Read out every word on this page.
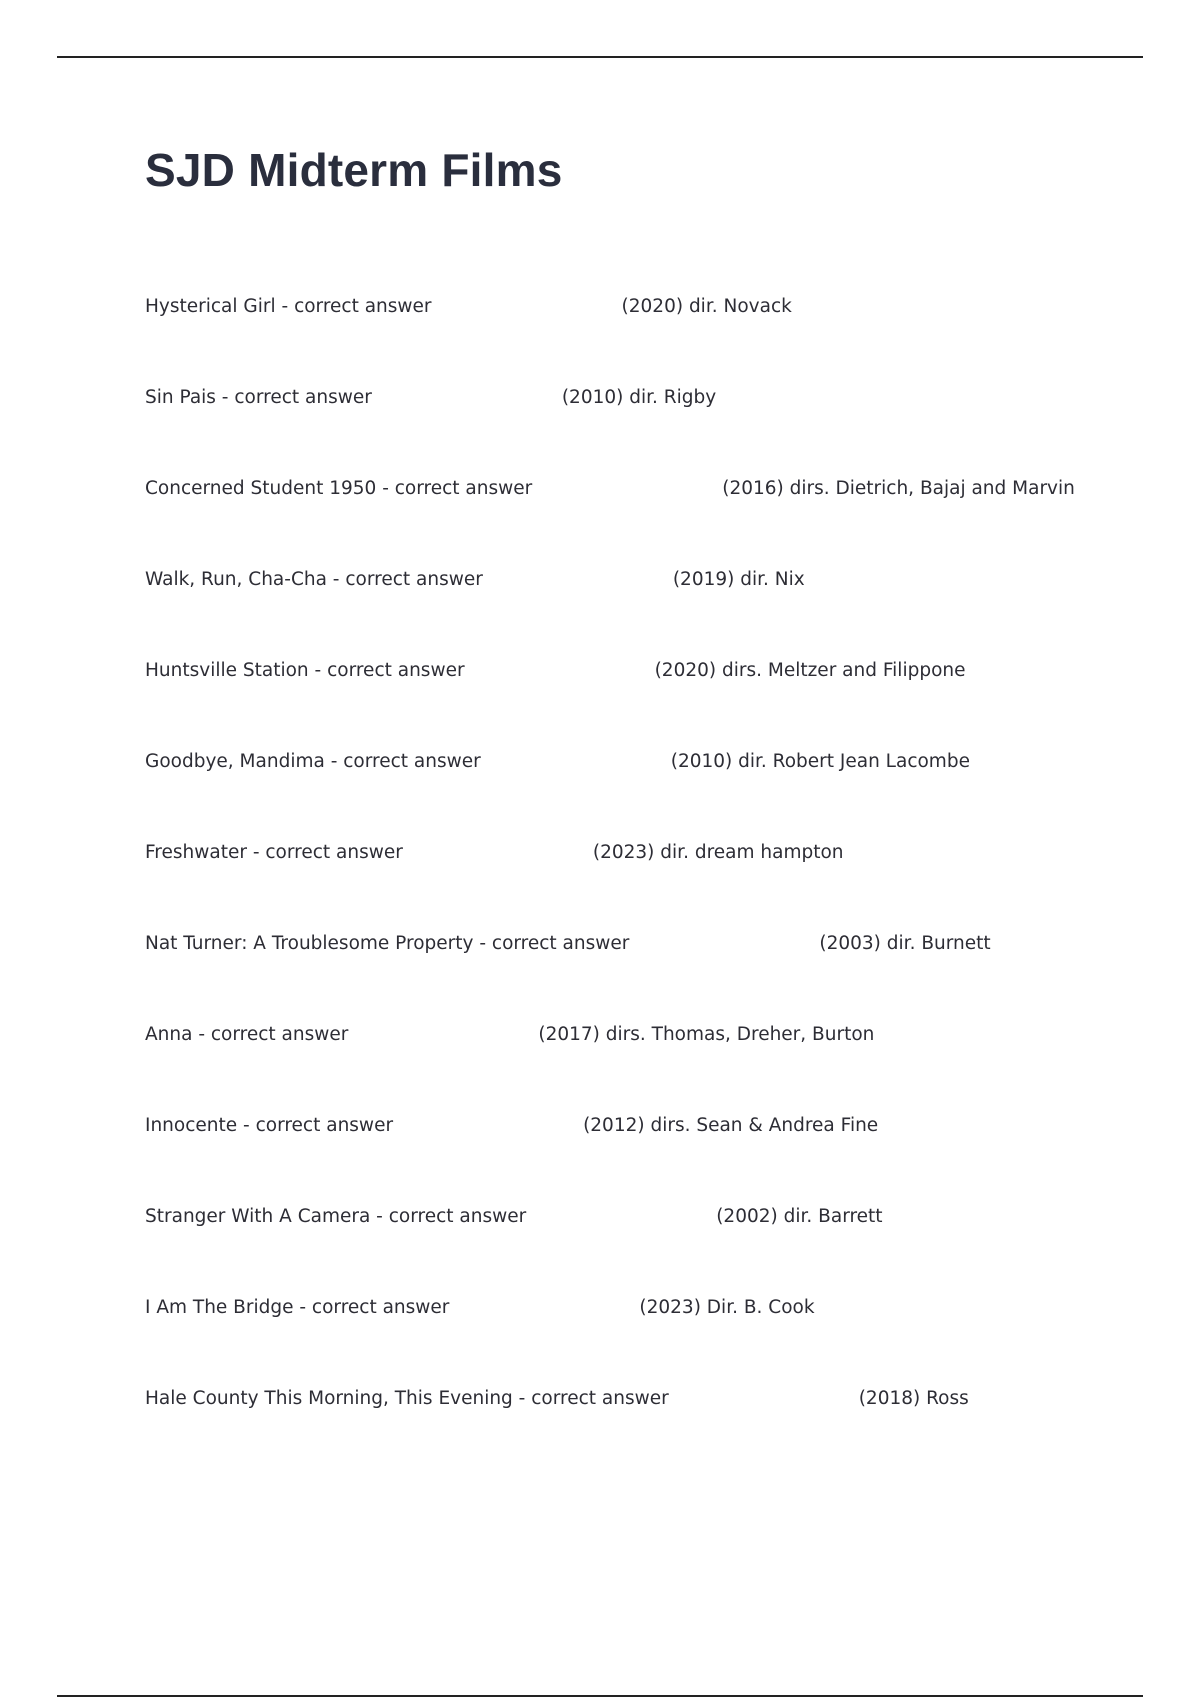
SJD Midterm Films
Hysterical Girl - correct answer	(2020) dir. Novack
Sin Pais - correct answer	(2010) dir. Rigby
Concerned Student 1950 - correct answer	(2016) dirs. Dietrich, Bajaj and Marvin
Walk, Run, Cha-Cha - correct answer	(2019) dir. Nix
Huntsville Station - correct answer	(2020) dirs. Meltzer and Filippone
Goodbye, Mandima - correct answer	(2010) dir. Robert Jean Lacombe
Freshwater - correct answer	(2023) dir. dream hampton
Nat Turner: A Troublesome Property - correct answer	(2003) dir. Burnett
Anna - correct answer	(2017) dirs. Thomas, Dreher, Burton
Innocente - correct answer	(2012) dirs. Sean & Andrea Fine
Stranger With A Camera - correct answer	(2002) dir. Barrett
I Am The Bridge - correct answer	(2023) Dir. B. Cook
Hale County This Morning, This Evening - correct answer	(2018) Ross
